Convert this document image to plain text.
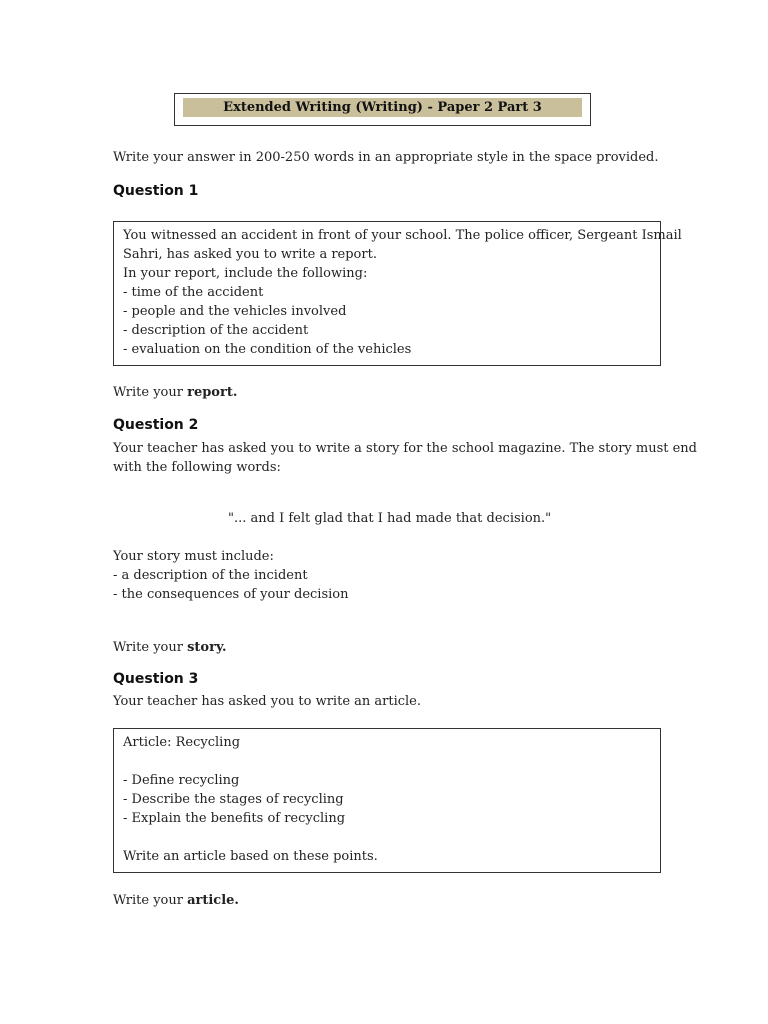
Extended Writing (Writing) - Paper 2 Part 3
Write your answer in 200-250 words in an appropriate style in the space provided.
Question 1
You witnessed an accident in front of your school. The police officer, Sergeant Ismail
Sahri, has asked you to write a report.
In your report, include the following:
- time of the accident
- people and the vehicles involved
- description of the accident
- evaluation on the condition of the vehicles
Write your report.
Question 2
Your teacher has asked you to write a story for the school magazine. The story must end
with the following words:
"... and I felt glad that I had made that decision."
Your story must include:
- a description of the incident
- the consequences of your decision
Write your story.
Question 3
Your teacher has asked you to write an article.
Article: Recycling
- Define recycling
- Describe the stages of recycling
- Explain the benefits of recycling
Write an article based on these points.
Write your article.
